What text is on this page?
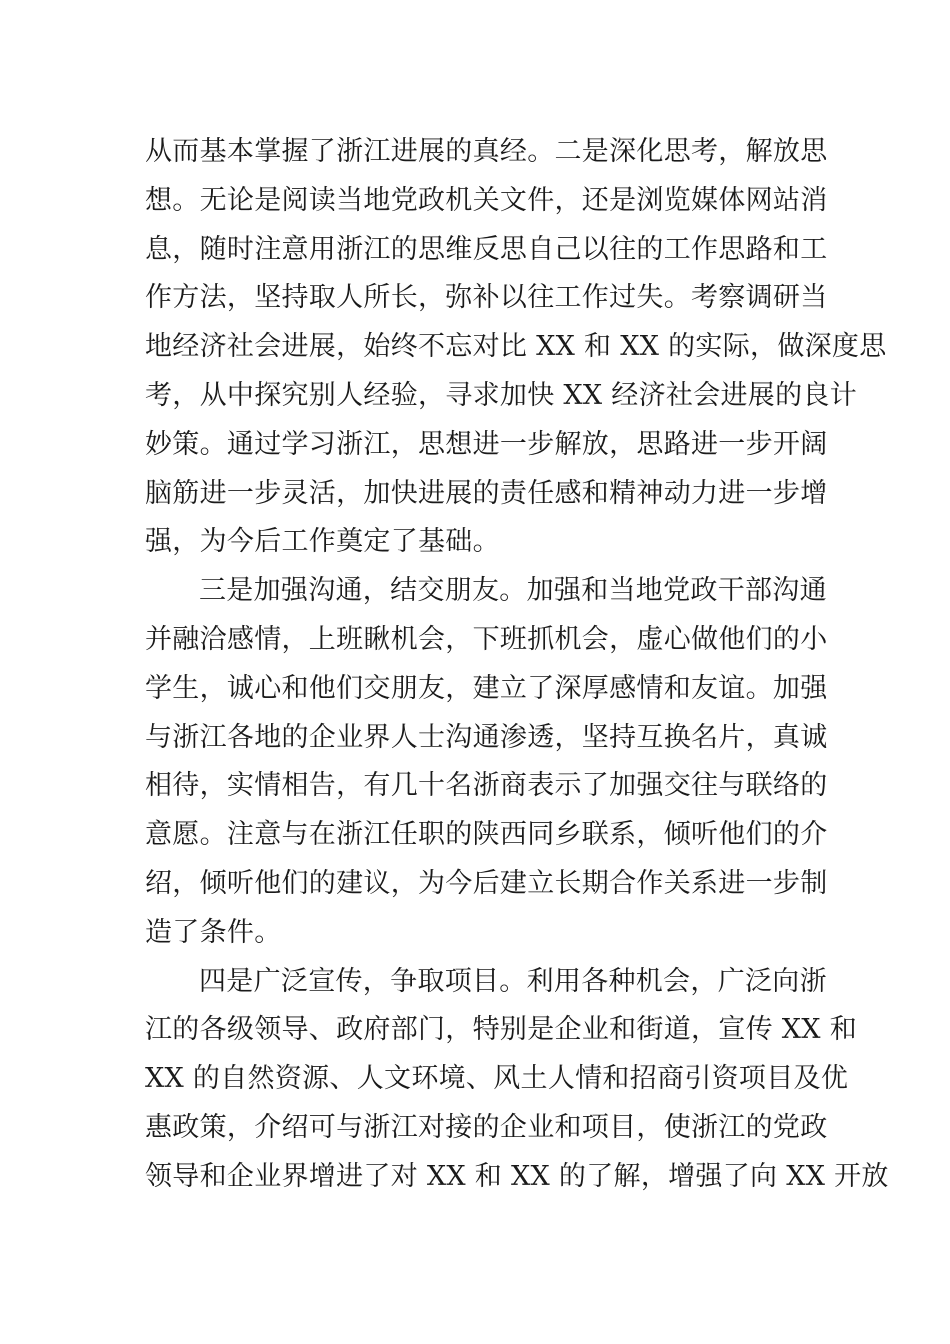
从而基本掌握了浙江进展的真经。二是深化思考，解放思
想。无论是阅读当地党政机关文件，还是浏览媒体网站消
息，随时注意用浙江的思维反思自己以往的工作思路和工
作方法，坚持取人所长，弥补以往工作过失。考察调研当
地经济社会进展，始终不忘对比 XX 和 XX 的实际，做深度思
考，从中探究别人经验，寻求加快 XX 经济社会进展的良计
妙策。通过学习浙江，思想进一步解放，思路进一步开阔
脑筋进一步灵活，加快进展的责任感和精神动力进一步增
强，为今后工作奠定了基础。
三是加强沟通，结交朋友。加强和当地党政干部沟通
并融洽感情，上班瞅机会，下班抓机会，虚心做他们的小
学生，诚心和他们交朋友，建立了深厚感情和友谊。加强
与浙江各地的企业界人士沟通渗透，坚持互换名片，真诚
相待，实情相告，有几十名浙商表示了加强交往与联络的
意愿。注意与在浙江任职的陕西同乡联系，倾听他们的介
绍，倾听他们的建议，为今后建立长期合作关系进一步制
造了条件。
四是广泛宣传，争取项目。利用各种机会，广泛向浙
江的各级领导、政府部门，特别是企业和街道，宣传 XX 和
XX 的自然资源、人文环境、风土人情和招商引资项目及优
惠政策，介绍可与浙江对接的企业和项目，使浙江的党政
领导和企业界增进了对 XX 和 XX 的了解，增强了向 XX 开放
